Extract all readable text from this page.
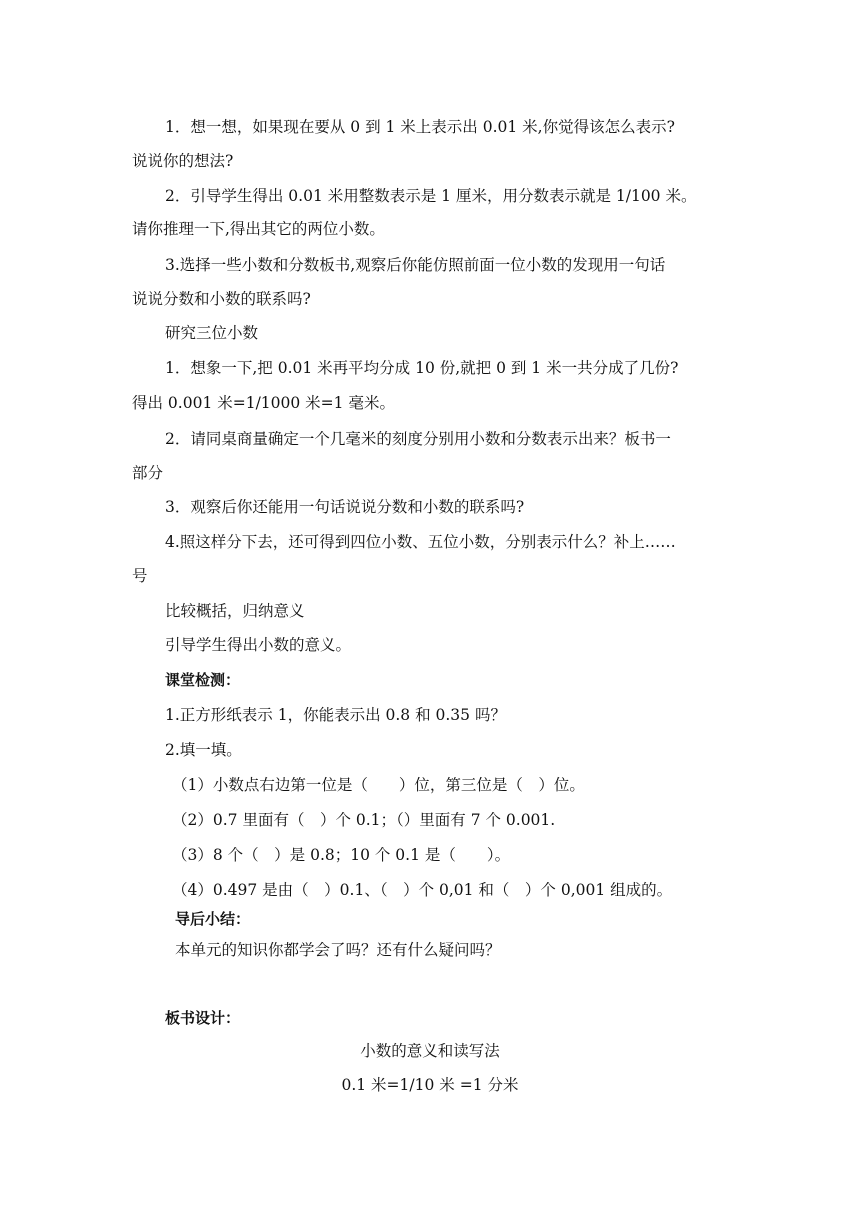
1．想一想，如果现在要从 0 到 1 米上表示出 0.01 米,你觉得该怎么表示?
说说你的想法?
2．引导学生得出 0.01 米用整数表示是 1 厘米，用分数表示就是 1/100 米。
请你推理一下,得出其它的两位小数。
3.选择一些小数和分数板书,观察后你能仿照前面一位小数的发现用一句话
说说分数和小数的联系吗?
研究三位小数
1．想象一下,把 0.01 米再平均分成 10 份,就把 0 到 1 米一共分成了几份?
得出 0.001 米=1/1000 米=1 毫米。
2．请同桌商量确定一个几毫米的刻度分别用小数和分数表示出来？板书一
部分
3．观察后你还能用一句话说说分数和小数的联系吗?
4.照这样分下去，还可得到四位小数、五位小数，分别表示什么？补上……
号
比较概括，归纳意义
引导学生得出小数的意义。
课堂检测：
1.正方形纸表示 1，你能表示出 0.8 和 0.35 吗？
2.填一填。
（1）小数点右边第一位是（　　）位，第三位是（　）位。
（2）0.7 里面有（　）个 0.1；（）里面有 7 个 0.001.
（3）8 个（　）是 0.8；10 个 0.1 是（　　）。
（4）0.497 是由（　）0.1、（　）个 0,01 和（　）个 0,001 组成的。
导后小结：
本单元的知识你都学会了吗？还有什么疑问吗？
板书设计：
小数的意义和读写法
0.1 米=1/10 米 =1 分米
